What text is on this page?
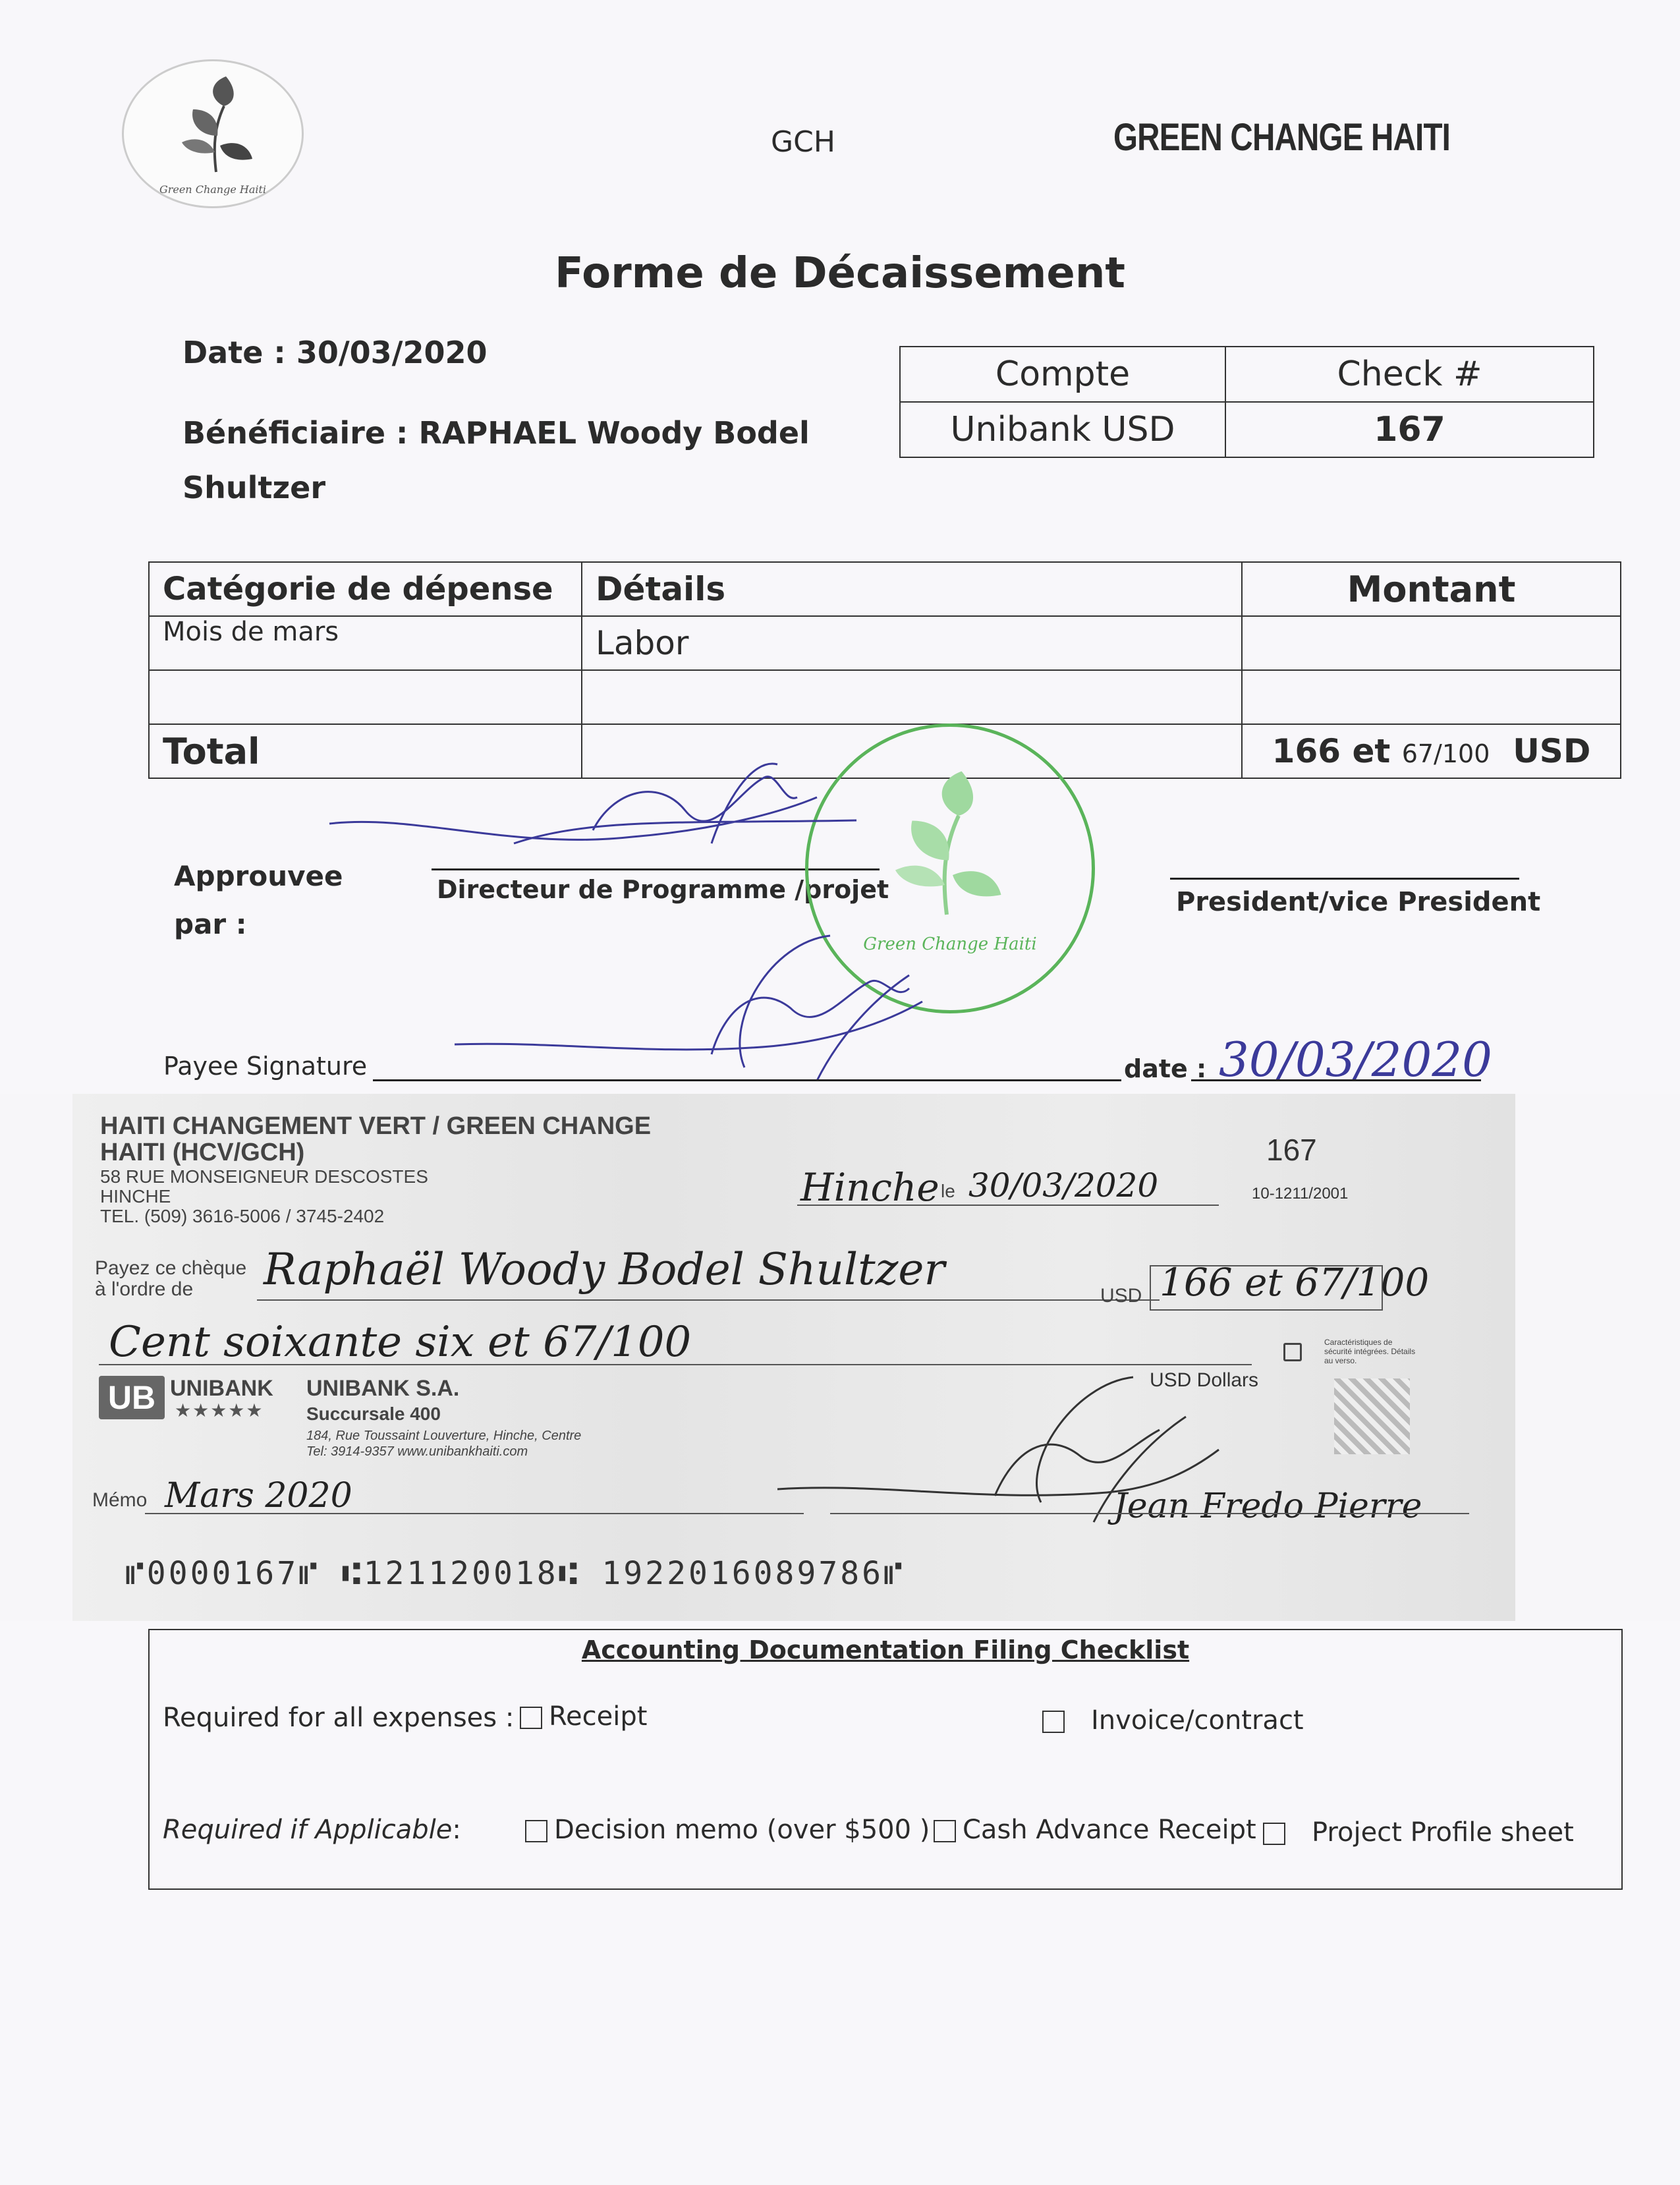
Green Change Haiti
GCH	GREEN CHANGE HAITI
Forme de Décaissement
Date : 30/03/2020
Bénéficiaire : RAPHAEL Woody Bodel
Shultzer
Compte	Check #
Unibank USD	167
Catégorie de dépense	Détails	Montant
Mois de mars	Labor	

Total		166 et 67/100 USD
Approuvee
par :
Directeur de Programme /projet	President/vice President
Green Change Haiti
Payee Signature	date : 30/03/2020
HAITI CHANGEMENT VERT / GREEN CHANGE
HAITI (HCV/GCH)
58 RUE MONSEIGNEUR DESCOSTES
HINCHE
TEL. (509) 3616-5006 / 3745-2402
167
10-1211/2001
Hinche le 30/03/2020
Payez ce chèque
à l'ordre de Raphaël Woody Bodel Shultzer
USD 166 et 67/100
Cent soixante six et 67/100	Caractéristiques de sécurité intégrées. Détails au verso.
USD Dollars
UB UNIBANK
★★★★★
UNIBANK S.A.
Succursale 400
184, Rue Toussaint Louverture, Hinche, Centre
Tel: 3914-9357 www.unibankhaiti.com
Mémo Mars 2020	Jean Fredo Pierre
⑈0000167⑈ ⑆121120018⑆ 1922016089786⑈
Accounting Documentation Filing Checklist
Required for all expenses :	Receipt	Invoice/contract
Required if Applicable:	Decision memo (over $500 )	Cash Advance Receipt	Project Profile sheet
